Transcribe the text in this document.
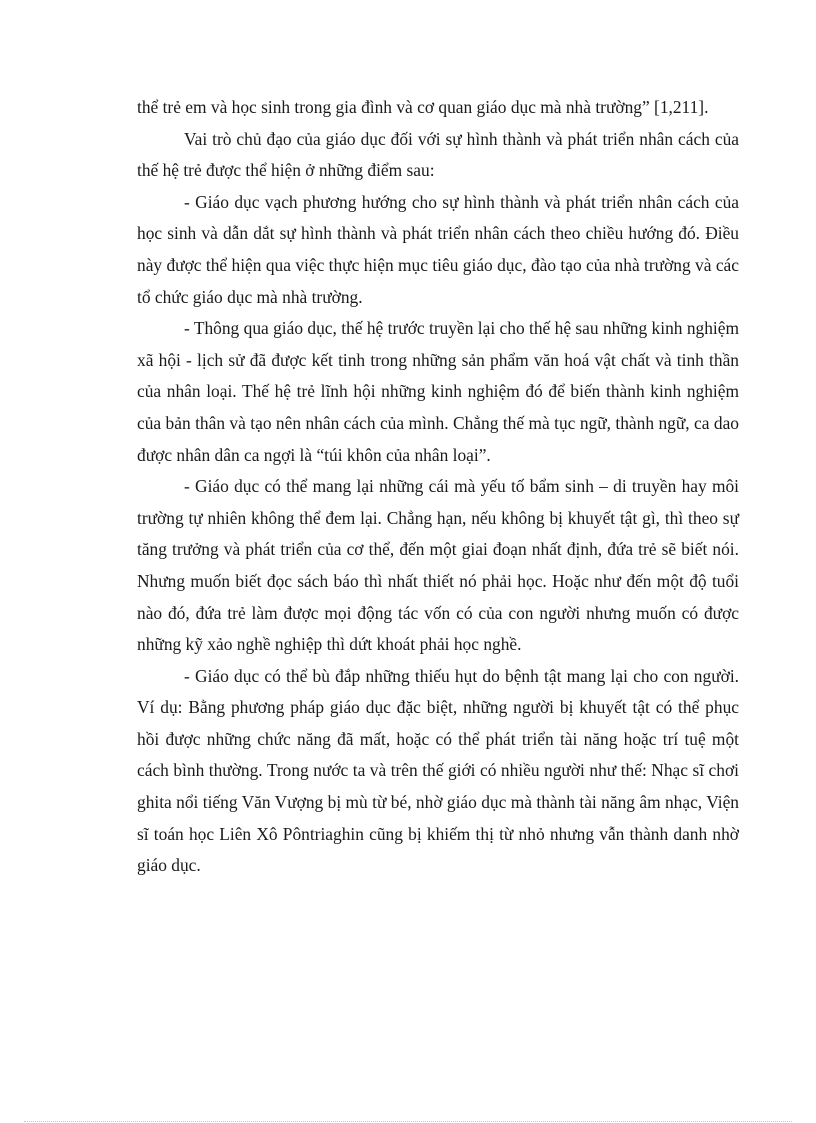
thể trẻ em và học sinh trong gia đình và cơ quan giáo dục mà nhà trường” [1,211].

Vai trò chủ đạo của giáo dục đối với sự hình thành và phát triển nhân cách của thế hệ trẻ được thể hiện ở những điểm sau:

- Giáo dục vạch phương hướng cho sự hình thành và phát triển nhân cách của học sinh và dẫn dắt sự hình thành và phát triển nhân cách theo chiều hướng đó. Điều này được thể hiện qua việc thực hiện mục tiêu giáo dục, đào tạo của nhà trường và các tổ chức giáo dục mà nhà trường.

- Thông qua giáo dục, thế hệ trước truyền lại cho thế hệ sau những kinh nghiệm xã hội - lịch sử đã được kết tinh trong những sản phẩm văn hoá vật chất và tinh thần của nhân loại. Thế hệ trẻ lĩnh hội những kinh nghiệm đó để biến thành kinh nghiệm của bản thân và tạo nên nhân cách của mình. Chẳng thế mà tục ngữ, thành ngữ, ca dao được nhân dân ca ngợi là “túi khôn của nhân loại”.

- Giáo dục có thể mang lại những cái mà yếu tố bẩm sinh – di truyền hay môi trường tự nhiên không thể đem lại. Chẳng hạn, nếu không bị khuyết tật gì, thì theo sự tăng trưởng và phát triển của cơ thể, đến một giai đoạn nhất định, đứa trẻ sẽ biết nói. Nhưng muốn biết đọc sách báo thì nhất thiết nó phải học. Hoặc như đến một độ tuổi nào đó, đứa trẻ làm được mọi động tác vốn có của con người nhưng muốn có được những kỹ xảo nghề nghiệp thì dứt khoát phải học nghề.

- Giáo dục có thể bù đắp những thiếu hụt do bệnh tật mang lại cho con người. Ví dụ: Bằng phương pháp giáo dục đặc biệt, những người bị khuyết tật có thể phục hồi được những chức năng đã mất, hoặc có thể phát triển tài năng hoặc trí tuệ một cách bình thường. Trong nước ta và trên thế giới có nhiều người như thế: Nhạc sĩ chơi ghita nổi tiếng Văn Vượng bị mù từ bé, nhờ giáo dục mà thành tài năng âm nhạc, Viện sĩ toán học Liên Xô Pôntriaghin cũng bị khiếm thị từ nhỏ nhưng vẫn thành danh nhờ giáo dục.
